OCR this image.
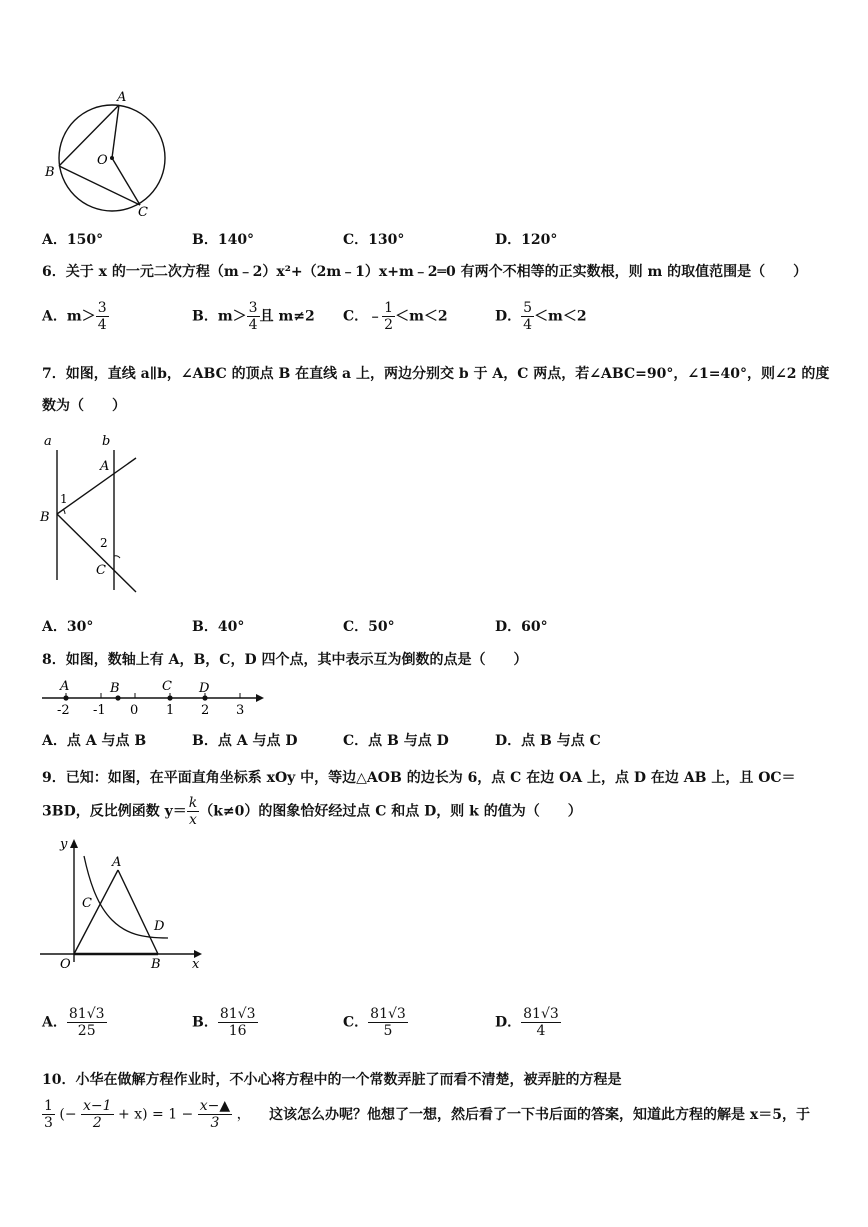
A
B
C
O
A．150°	B．140°	C．130°	D．120°
6．关于 x 的一元二次方程（m﹣2）x²+（2m﹣1）x+m﹣2═0 有两个不相等的正实数根，则 m 的取值范围是（　　）
A．$m> \frac{3}{4}$	B．$m> \frac{3}{4}$ 且 m≠2 C．﹣ $\frac{1}{2} <m<2$	D． $\frac{5}{4} <m<2$
7．如图，直线 a∥b，∠ABC 的顶点 B 在直线 a 上，两边分别交 b 于 A，C 两点，若∠ABC=90°，∠1=40°，则∠2 的度
数为（　　）
a	b
A
B
C
1
2
A．30°	B．40°	C．50°	D．60°
8．如图，数轴上有 A，B，C，D 四个点，其中表示互为倒数的点是（　　）
-2 -1 0 1 2 3
A	B	C D
A．点 A 与点 B	B．点 A 与点 D	C．点 B 与点 D	D．点 B 与点 C
9．已知：如图，在平面直角坐标系 xOy 中，等边△AOB 的边长为 6，点 C 在边 OA 上，点 D 在边 AB 上，且 OC＝
3BD，反比例函数 $y= \frac{k}{x} (k\ne 0)$的图象恰好经过点 C 和点 D，则 k 的值为（　　）
y
x
O
A
B
C
D
A． $\frac{81√3}{25}$	B． $\frac{81√3}{16}$	C． $\frac{81√3}{5}$	D． $\frac{81√3}{4}$
10．小华在做解方程作业时，不小心将方程中的一个常数弄脏了而看不清楚，被弄脏的方程是
$\frac{1}{3}$ (− $\frac{x-1}{2} + x) = 1 - \frac{x-▲}{3}$ ， 这该怎么办呢？他想了一想，然后看了一下书后面的答案，知道此方程的解是 x＝5，于
